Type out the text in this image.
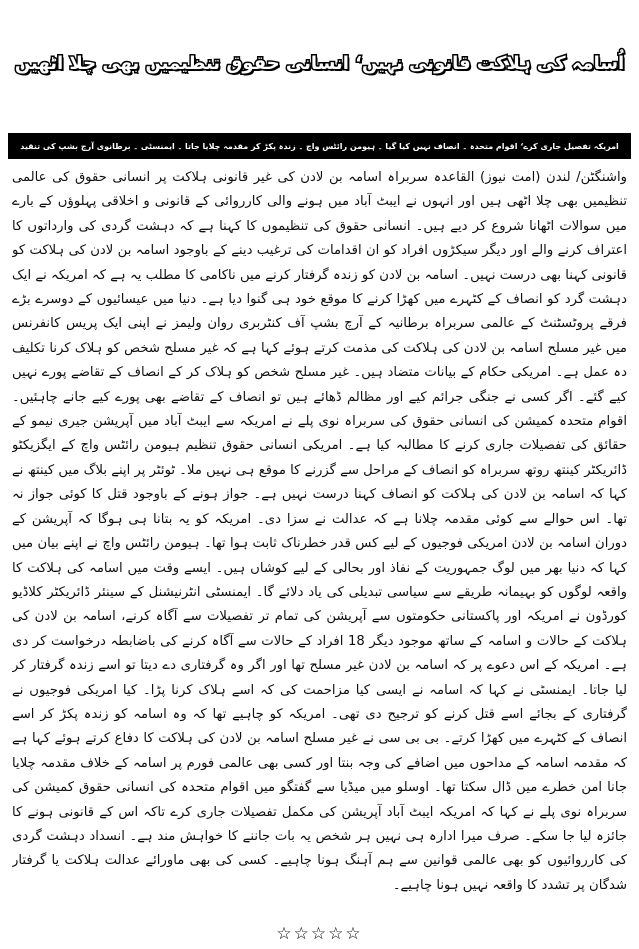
اُسامہ کی ہلاکت قانونی نہیں‘ انسانی حقوق تنظیمیں بھی چلا اٹھیں
امریکہ تفصیل جاری کرے‘ اقوام متحدہ ۔ انصاف نہیں کیا گیا ۔ ہیومن رائٹس واچ ۔ زندہ پکڑ کر مقدمہ چلایا جاتا ۔ ایمنسٹی ۔ برطانوی آرچ بشپ کی تنقید

واشنگٹن/ لندن (امت نیوز) القاعدہ سربراہ اسامہ بن لادن کی غیر قانونی ہلاکت پر انسانی حقوق کی عالمی تنظیمیں بھی چلا اٹھی ہیں اور انہوں نے ایبٹ آباد میں ہونے والی کارروائی کے قانونی و اخلاقی پہلوؤں کے بارے میں سوالات اٹھانا شروع کر دیے ہیں۔ انسانی حقوق کی تنظیموں کا کہنا ہے کہ دہشت گردی کی وارداتوں کا اعتراف کرنے والے اور دیگر سیکڑوں افراد کو ان اقدامات کی ترغیب دینے کے باوجود اسامہ بن لادن کی ہلاکت کو قانونی کہنا بھی درست نہیں۔ اسامہ بن لادن کو زندہ گرفتار کرنے میں ناکامی کا مطلب یہ ہے کہ امریکہ نے ایک دہشت گرد کو انصاف کے کٹہرے میں کھڑا کرنے کا موقع خود ہی گنوا دیا ہے۔ دنیا میں عیسائیوں کے دوسرے بڑے فرقے پروٹسٹنٹ کے عالمی سربراہ برطانیہ کے آرچ بشپ آف کنٹربری روان ولیمز نے اپنی ایک پریس کانفرنس میں غیر مسلح اسامہ بن لادن کی ہلاکت کی مذمت کرتے ہوئے کہا ہے کہ غیر مسلح شخص کو ہلاک کرنا تکلیف دہ عمل ہے۔ امریکی حکام کے بیانات متضاد ہیں۔ غیر مسلح شخص کو ہلاک کر کے انصاف کے تقاضے پورے نہیں کیے گئے۔ اگر کسی نے جنگی جرائم کیے اور مظالم ڈھائے ہیں تو انصاف کے تقاضے بھی پورے کیے جانے چاہئیں۔ اقوام متحدہ کمیشن کی انسانی حقوق کی سربراہ نوی پلے نے امریکہ سے ایبٹ آباد میں آپریشن جیری نیمو کے حقائق کی تفصیلات جاری کرنے کا مطالبہ کیا ہے۔ امریکی انسانی حقوق تنظیم ہیومن رائٹس واچ کے ایگزیکٹو ڈائریکٹر کینتھ روتھ سربراہ کو انصاف کے مراحل سے گزرنے کا موقع ہی نہیں ملا۔ ٹوئٹر پر اپنے بلاگ میں کینتھ نے کہا کہ اسامہ بن لادن کی ہلاکت کو انصاف کہنا درست نہیں ہے۔ جواز ہونے کے باوجود قتل کا کوئی جواز نہ تھا۔ اس حوالے سے کوئی مقدمہ چلانا ہے کہ عدالت نے سزا دی۔ امریکہ کو یہ بتانا ہی ہوگا کہ آپریشن کے دوران اسامہ بن لادن امریکی فوجیوں کے لیے کس قدر خطرناک ثابت ہوا تھا۔ ہیومن رائٹس واچ نے اپنے بیان میں کہا کہ دنیا بھر میں لوگ جمہوریت کے نفاذ اور بحالی کے لیے کوشاں ہیں۔ ایسے وقت میں اسامہ کی ہلاکت کا واقعہ لوگوں کو بہیمانہ طریقے سے سیاسی تبدیلی کی یاد دلائے گا۔ ایمنسٹی انٹرنیشنل کے سینئر ڈائریکٹر کلاڈیو کورڈون نے امریکہ اور پاکستانی حکومتوں سے آپریشن کی تمام تر تفصیلات سے آگاہ کرنے، اسامہ بن لادن کی ہلاکت کے حالات و اسامہ کے ساتھ موجود دیگر 18 افراد کے حالات سے آگاہ کرنے کی باضابطہ درخواست کر دی ہے۔ امریکہ کے اس دعوے پر کہ اسامہ بن لادن غیر مسلح تھا اور اگر وہ گرفتاری دے دیتا تو اسے زندہ گرفتار کر لیا جاتا۔ ایمنسٹی نے کہا کہ اسامہ نے ایسی کیا مزاحمت کی کہ اسے ہلاک کرنا پڑا۔ کیا امریکی فوجیوں نے گرفتاری کے بجائے اسے قتل کرنے کو ترجیح دی تھی۔ امریکہ کو چاہیے تھا کہ وہ اسامہ کو زندہ پکڑ کر اسے انصاف کے کٹہرے میں کھڑا کرتے۔ بی بی سی نے غیر مسلح اسامہ بن لادن کی ہلاکت کا دفاع کرتے ہوئے کہا ہے کہ مقدمہ اسامہ کے مداحوں میں اضافے کی وجہ بنتا اور کسی بھی عالمی فورم پر اسامہ کے خلاف مقدمہ چلایا جانا امن خطرے میں ڈال سکتا تھا۔ اوسلو میں میڈیا سے گفتگو میں اقوام متحدہ کی انسانی حقوق کمیشن کی سربراہ نوی پلے نے کہا کہ امریکہ ایبٹ آباد آپریشن کی مکمل تفصیلات جاری کرے تاکہ اس کے قانونی ہونے کا جائزہ لیا جا سکے۔ صرف میرا ادارہ ہی نہیں ہر شخص یہ بات جاننے کا خواہش مند ہے۔ انسداد دہشت گردی کی کارروائیوں کو بھی عالمی قوانین سے ہم آہنگ ہونا چاہیے۔ کسی کی بھی ماورائے عدالت ہلاکت یا گرفتار شدگان پر تشدد کا واقعہ نہیں ہونا چاہیے۔

☆☆☆☆☆
